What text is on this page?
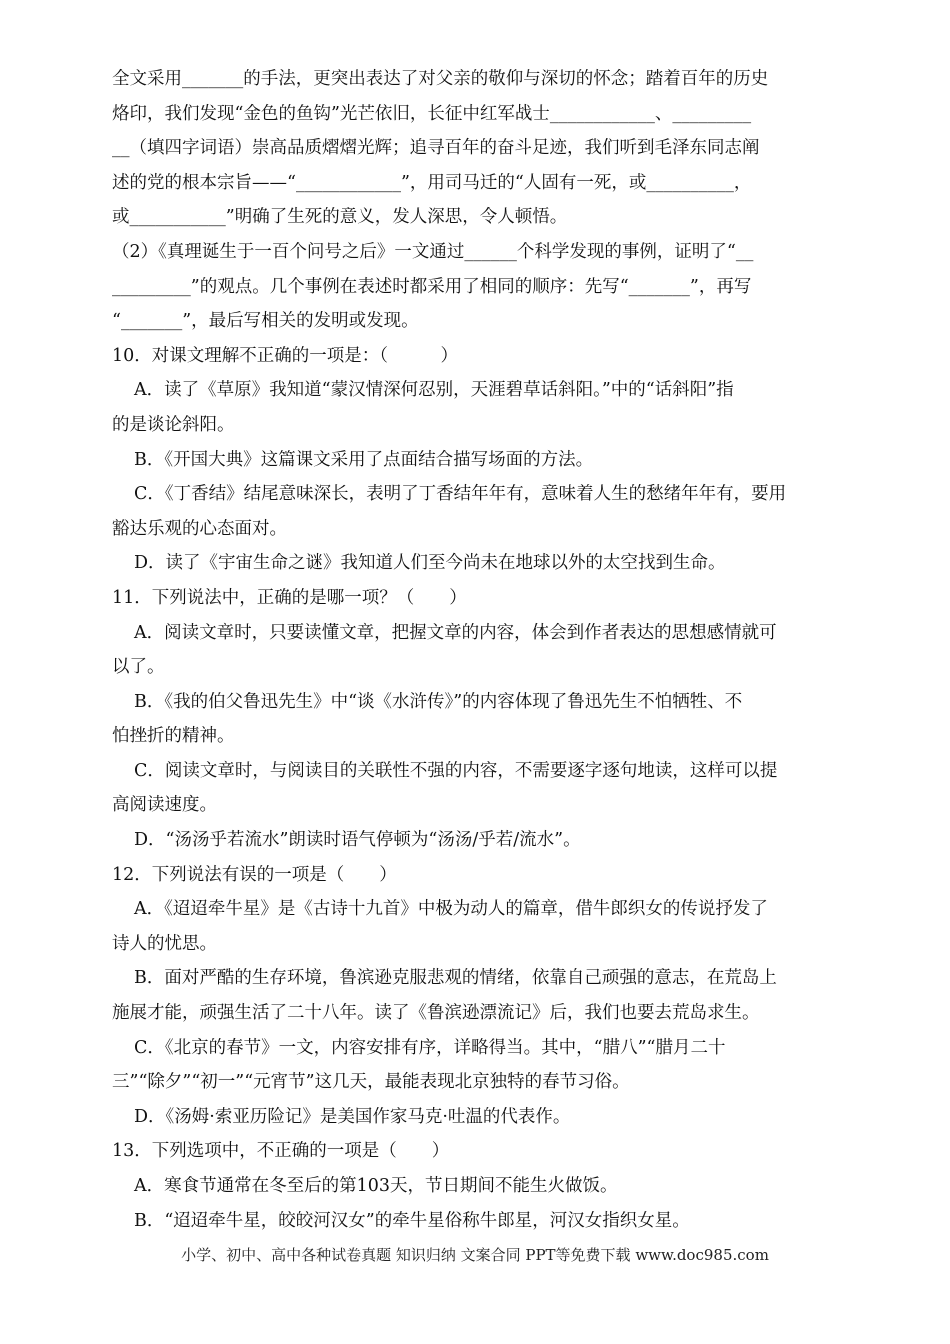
全文采用_______的手法，更突出表达了对父亲的敬仰与深切的怀念；踏着百年的历史

烙印，我们发现“金色的鱼钩”光芒依旧，长征中红军战士____________、_________

__（填四字词语）崇高品质熠熠光辉；追寻百年的奋斗足迹，我们听到毛泽东同志阐

述的党的根本宗旨——“____________”，用司马迁的“人固有一死，或__________，

或___________”明确了生死的意义，发人深思，令人顿悟。

（2）《真理诞生于一百个问号之后》一文通过______个科学发现的事例，证明了“__

_________”的观点。几个事例在表述时都采用了相同的顺序：先写“_______”，再写

“_______”，最后写相关的发明或发现。

10．对课文理解不正确的一项是：（　　　）

A．读了《草原》我知道“蒙汉情深何忍别，天涯碧草话斜阳。”中的“话斜阳”指

的是谈论斜阳。

B．《开国大典》这篇课文采用了点面结合描写场面的方法。

C．《丁香结》结尾意味深长，表明了丁香结年年有，意味着人生的愁绪年年有，要用

豁达乐观的心态面对。

D．读了《宇宙生命之谜》我知道人们至今尚未在地球以外的太空找到生命。

11．下列说法中，正确的是哪一项？（　　）

A．阅读文章时，只要读懂文章，把握文章的内容，体会到作者表达的思想感情就可

以了。

B．《我的伯父鲁迅先生》中“谈《水浒传》”的内容体现了鲁迅先生不怕牺牲、不

怕挫折的精神。

C．阅读文章时，与阅读目的关联性不强的内容，不需要逐字逐句地读，这样可以提

高阅读速度。

D．“汤汤乎若流水”朗读时语气停顿为“汤汤/乎若/流水”。

12．下列说法有误的一项是（　　）

A．《迢迢牵牛星》是《古诗十九首》中极为动人的篇章，借牛郎织女的传说抒发了

诗人的忧思。

B．面对严酷的生存环境，鲁滨逊克服悲观的情绪，依靠自己顽强的意志，在荒岛上

施展才能，顽强生活了二十八年。读了《鲁滨逊漂流记》后，我们也要去荒岛求生。

C．《北京的春节》一文，内容安排有序，详略得当。其中，“腊八”“腊月二十

三”“除夕”“初一”“元宵节”这几天，最能表现北京独特的春节习俗。

D．《汤姆·索亚历险记》是美国作家马克·吐温的代表作。

13．下列选项中，不正确的一项是（　　）

A．寒食节通常在冬至后的第103天，节日期间不能生火做饭。

B．“迢迢牵牛星，皎皎河汉女”的牵牛星俗称牛郎星，河汉女指织女星。

小学、初中、高中各种试卷真题 知识归纳 文案合同 PPT等免费下载 www.doc985.com
